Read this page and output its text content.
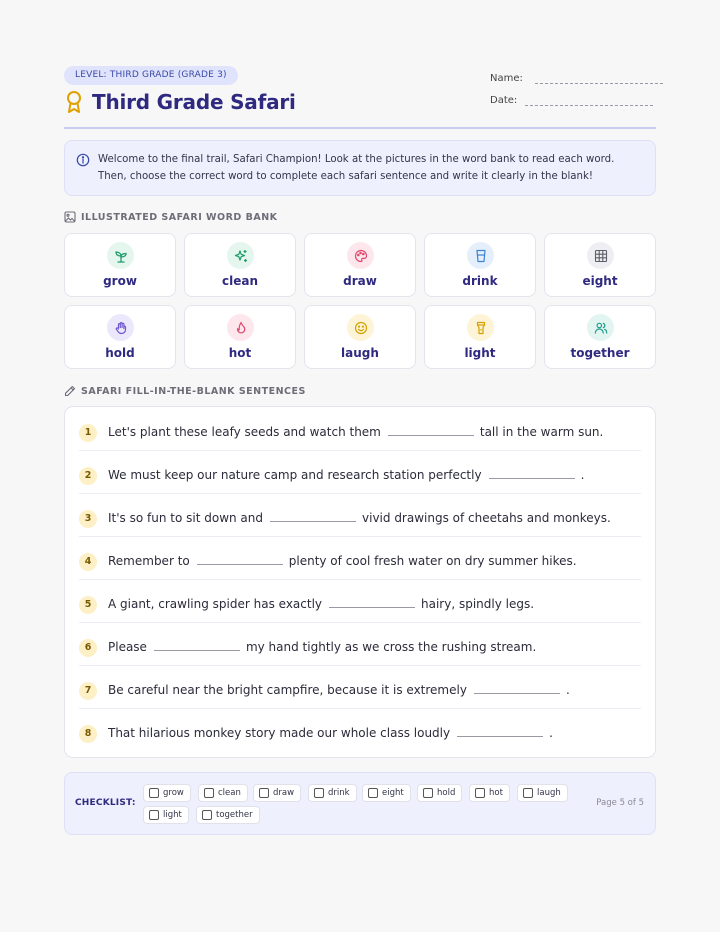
LEVEL: THIRD GRADE (GRADE 3)
Third Grade Safari
Name:
Date:

Welcome to the final trail, Safari Champion! Look at the pictures in the word bank to read each word. Then, choose the correct word to complete each safari sentence and write it clearly in the blank!

ILLUSTRATED SAFARI WORD BANK
grow	clean	draw	drink	eight
hold	hot	laugh	light	together
SAFARI FILL-IN-THE-BLANK SENTENCES
1	Let's plant these leafy seeds and watch them	tall in the warm sun.
2	We must keep our nature camp and research station perfectly	.
3	It's so fun to sit down and	vivid drawings of cheetahs and monkeys.
4	Remember to	plenty of cool fresh water on dry summer hikes.
5	A giant, crawling spider has exactly	hairy, spindly legs.
6	Please	my hand tightly as we cross the rushing stream.
7	Be careful near the bright campfire, because it is extremely	.
8	That hilarious monkey story made our whole class loudly	.
CHECKLIST:
grow	clean	draw	drink	eight	hold	hot	laugh
light	together
Page 5 of 5
